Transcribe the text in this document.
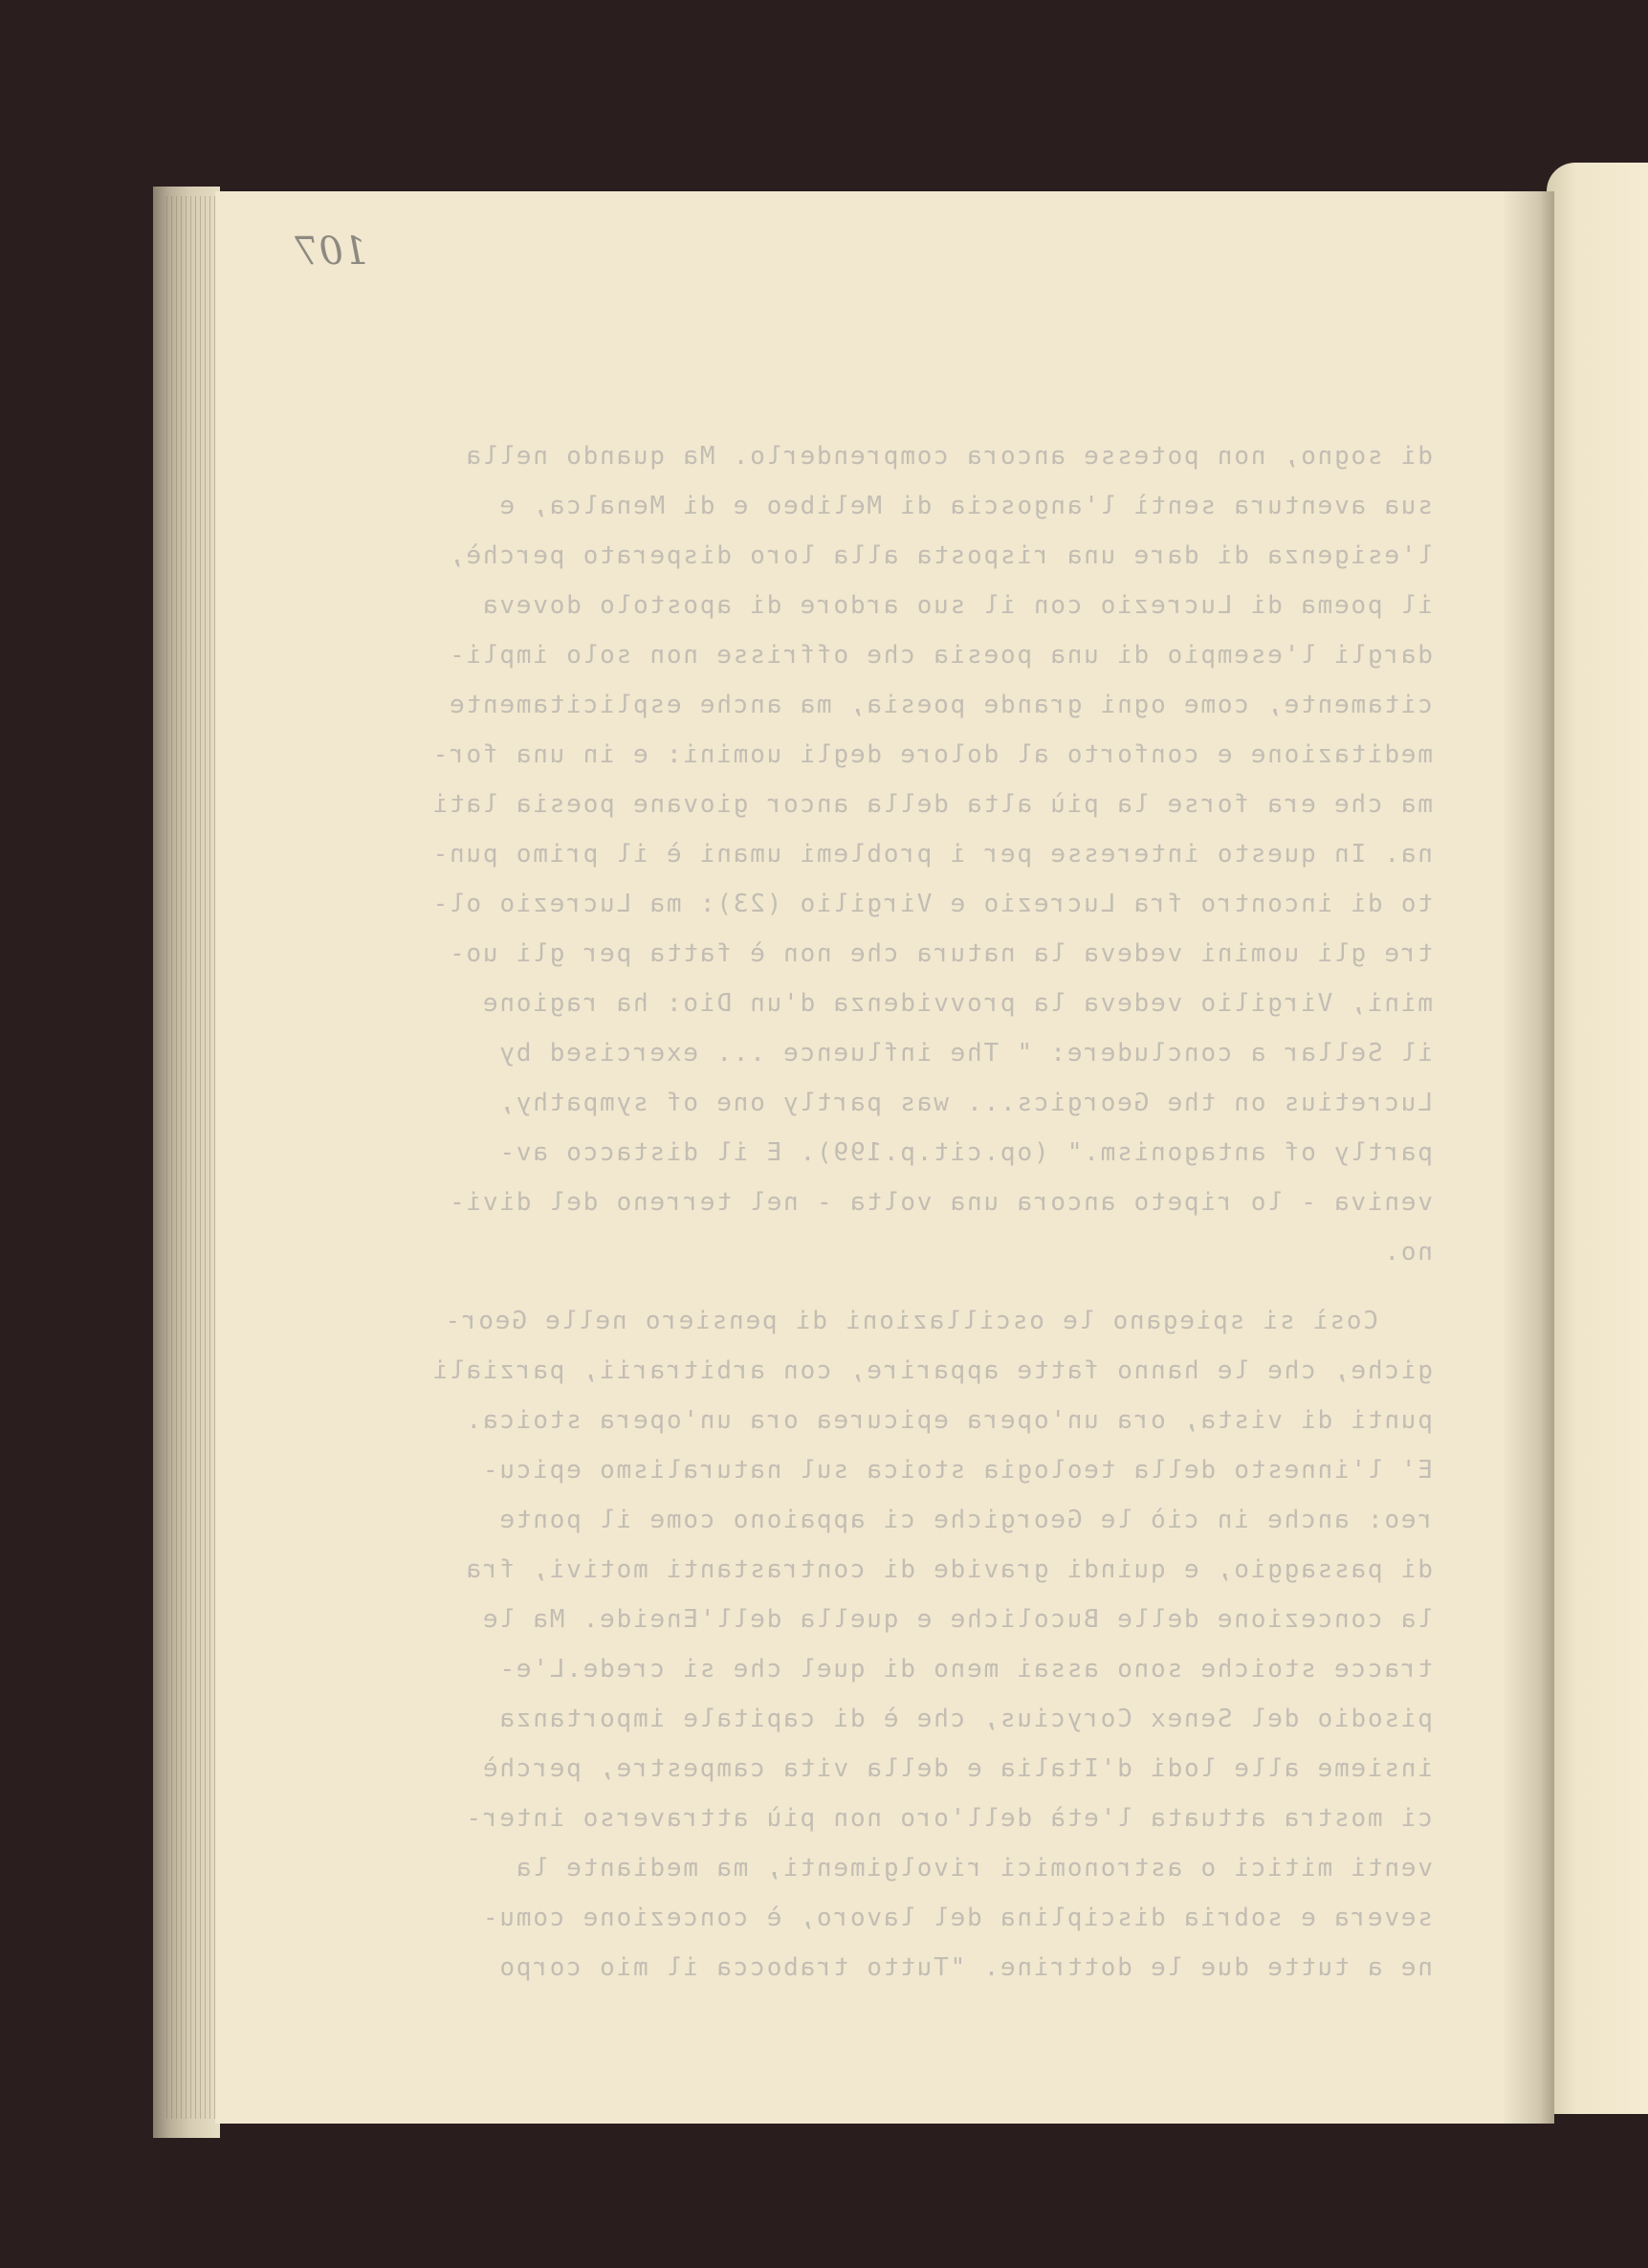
107
di sogno, non potesse ancora comprenderlo. Ma quando nella
sua aventura sentì l'angoscia di Melibeo e di Menalca, e
l'esigenza di dare una risposta alla loro disperato perchè,
il poema di Lucrezio con il suo ardore di apostolo doveva
dargli l'esempio di una poesia che offrisse non solo impli-
citamente, come ogni grande poesia, ma anche esplicitamente
meditazione e conforto al dolore degli uomini: e in una for-
ma che era forse la più alta della ancor giovane poesia lati
na. In questo interesse per i problemi umani è il primo pun-
to di incontro fra Lucrezio e Virgilio (23): ma Lucrezio ol-
tre gli uomini vedeva la natura che non è fatta per gli uo-
mini, Virgilio vedeva la provvidenza d'un Dio: ha ragione
il Sellar a concludere: " The influence ... exercised by
Lucretius on the Georgics... was partly one of sympathy,
partly of antagonism." (op.cit.p.199). E il distacco av-
veniva - lo ripeto ancora una volta - nel terreno del divi-
no.
Così si spiegano le oscillazioni di pensiero nelle Geor-
giche, che le hanno fatte apparire, con arbitrarii, parziali
punti di vista, ora un'opera epicurea ora un'opera stoica.
E' l'innesto della teologia stoica sul naturalismo epicu-
reo: anche in ciò le Georgiche ci appaiono come il ponte
di passaggio, e quindi gravide di contrastanti motivi, fra
la concezione delle Bucoliche e quella dell'Eneide. Ma le
tracce stoiche sono assai meno di quel che si crede.L'e-
pisodio del Senex Corycius, che è di capitale importanza
insieme alle lodi d'Italia e della vita campestre, perchè
ci mostra attuata l'età dell'oro non più attraverso inter-
venti mitici o astronomici rivolgimenti, ma mediante la
severa e sobria disciplina del lavoro, è concezione comu-
ne a tutte due le dottrine. "Tutto trabocca il mio corpo
